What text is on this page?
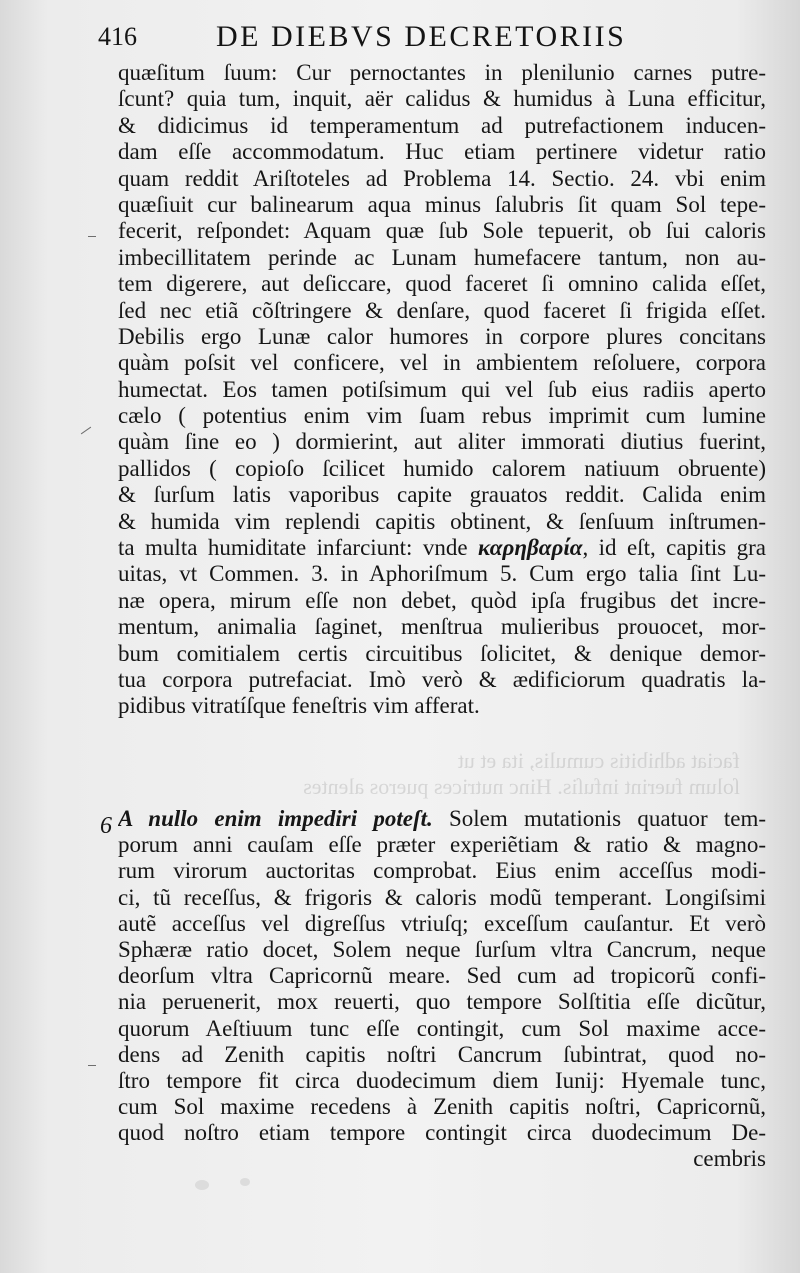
faciat adhibitis cumulis, ita et ut
ſolum fuerint infuſis. Hinc nutrices pueros alentes
416	DE DIEBVS DECRETORIIS
quæſitum ſuum: Cur pernoctantes in plenilunio carnes putre-
ſcunt? quia tum, inquit, aër calidus & humidus à Luna efficitur,
& didicimus id temperamentum ad putrefactionem inducen-
dam eſſe accommodatum. Huc etiam pertinere videtur ratio
quam reddit Ariſtoteles ad Problema 14. Sectio. 24. vbi enim
quæſiuit cur balinearum aqua minus ſalubris ſit quam Sol tepe-
fecerit, reſpondet: Aquam quæ ſub Sole tepuerit, ob ſui caloris
imbecillitatem perinde ac Lunam humefacere tantum, non au-
tem digerere, aut deſiccare, quod faceret ſi omnino calida eſſet,
ſed nec etiã cõſtringere & denſare, quod faceret ſi frigida eſſet.
Debilis ergo Lunæ calor humores in corpore plures concitans
quàm poſsit vel conficere, vel in ambientem reſoluere, corpora
humectat. Eos tamen potiſsimum qui vel ſub eius radiis aperto
cælo ( potentius enim vim ſuam rebus imprimit cum lumine
quàm ſine eo ) dormierint, aut aliter immorati diutius fuerint,
pallidos ( copioſo ſcilicet humido calorem natiuum obruente)
& ſurſum latis vaporibus capite grauatos reddit. Calida enim
& humida vim replendi capitis obtinent, & ſenſuum inſtrumen-
ta multa humiditate infarciunt: vnde καρηβαρία, id eſt, capitis gra
uitas, vt Commen. 3. in Aphoriſmum 5. Cum ergo talia ſint Lu-
næ opera, mirum eſſe non debet, quòd ipſa frugibus det incre-
mentum, animalia ſaginet, menſtrua mulieribus prouocet, mor-
bum comitialem certis circuitibus ſolicitet, & denique demor-
tua corpora putrefaciat. Imò verò & ædificiorum quadratis la-
pidibus vitratíſque feneſtris vim afferat.
6 A nullo enim impediri poteſt. Solem mutationis quatuor tem-
porum anni cauſam eſſe præter experiẽtiam & ratio & magno-
rum virorum auctoritas comprobat. Eius enim acceſſus modi-
ci, tũ receſſus, & frigoris & caloris modũ temperant. Longiſsimi
autẽ acceſſus vel digreſſus vtriuſq; exceſſum cauſantur. Et verò
Sphæræ ratio docet, Solem neque ſurſum vltra Cancrum, neque
deorſum vltra Capricornũ meare. Sed cum ad tropicorũ confi-
nia peruenerit, mox reuerti, quo tempore Solſtitia eſſe dicũtur,
quorum Aeſtiuum tunc eſſe contingit, cum Sol maxime acce-
dens ad Zenith capitis noſtri Cancrum ſubintrat, quod no-
ſtro tempore fit circa duodecimum diem Iunij: Hyemale tunc,
cum Sol maxime recedens à Zenith capitis noſtri, Capricornũ,
quod noſtro etiam tempore contingit circa duodecimum De-
cembris
